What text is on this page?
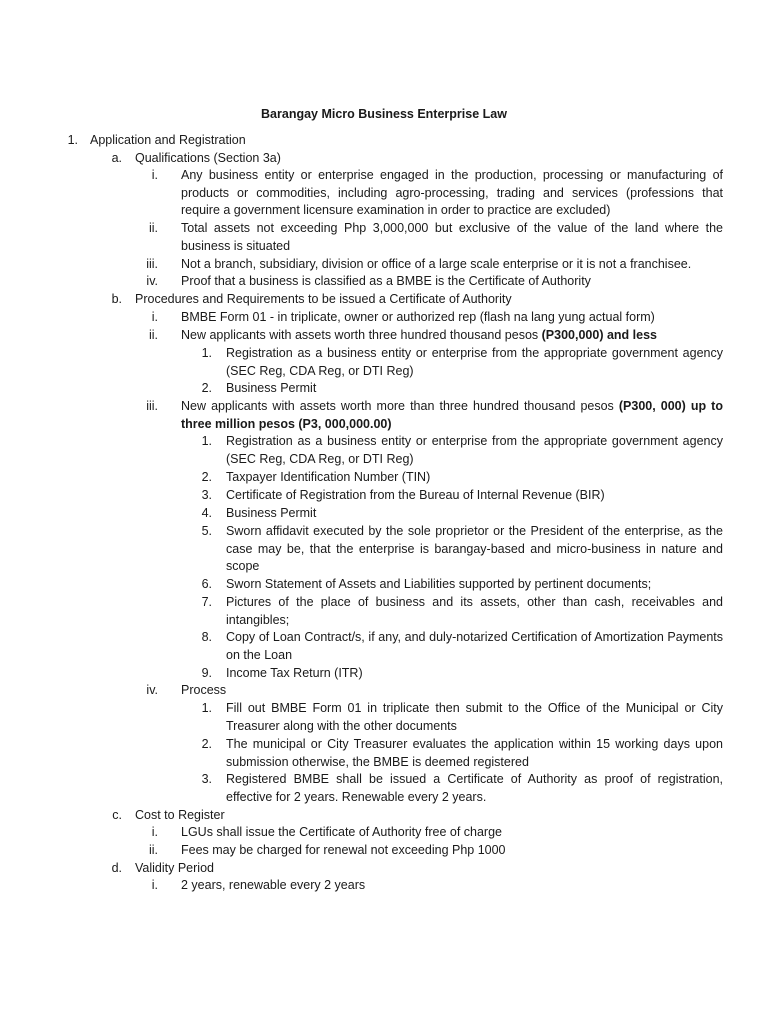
Barangay Micro Business Enterprise Law
1. Application and Registration
a. Qualifications (Section 3a)
i. Any business entity or enterprise engaged in the production, processing or manufacturing of products or commodities, including agro-processing, trading and services (professions that require a government licensure examination in order to practice are excluded)
ii. Total assets not exceeding Php 3,000,000 but exclusive of the value of the land where the business is situated
iii. Not a branch, subsidiary, division or office of a large scale enterprise or it is not a franchisee.
iv. Proof that a business is classified as a BMBE is the Certificate of Authority
b. Procedures and Requirements to be issued a Certificate of Authority
i. BMBE Form 01 - in triplicate, owner or authorized rep (flash na lang yung actual form)
ii. New applicants with assets worth three hundred thousand pesos (P300,000) and less
1. Registration as a business entity or enterprise from the appropriate government agency (SEC Reg, CDA Reg, or DTI Reg)
2. Business Permit
iii. New applicants with assets worth more than three hundred thousand pesos (P300, 000) up to three million pesos (P3, 000,000.00)
1. Registration as a business entity or enterprise from the appropriate government agency (SEC Reg, CDA Reg, or DTI Reg)
2. Taxpayer Identification Number (TIN)
3. Certificate of Registration from the Bureau of Internal Revenue (BIR)
4. Business Permit
5. Sworn affidavit executed by the sole proprietor or the President of the enterprise, as the case may be, that the enterprise is barangay-based and micro-business in nature and scope
6. Sworn Statement of Assets and Liabilities supported by pertinent documents;
7. Pictures of the place of business and its assets, other than cash, receivables and intangibles;
8. Copy of Loan Contract/s, if any, and duly-notarized Certification of Amortization Payments on the Loan
9. Income Tax Return (ITR)
iv. Process
1. Fill out BMBE Form 01 in triplicate then submit to the Office of the Municipal or City Treasurer along with the other documents
2. The municipal or City Treasurer evaluates the application within 15 working days upon submission otherwise, the BMBE is deemed registered
3. Registered BMBE shall be issued a Certificate of Authority as proof of registration, effective for 2 years. Renewable every 2 years.
c. Cost to Register
i. LGUs shall issue the Certificate of Authority free of charge
ii. Fees may be charged for renewal not exceeding Php 1000
d. Validity Period
i. 2 years, renewable every 2 years
